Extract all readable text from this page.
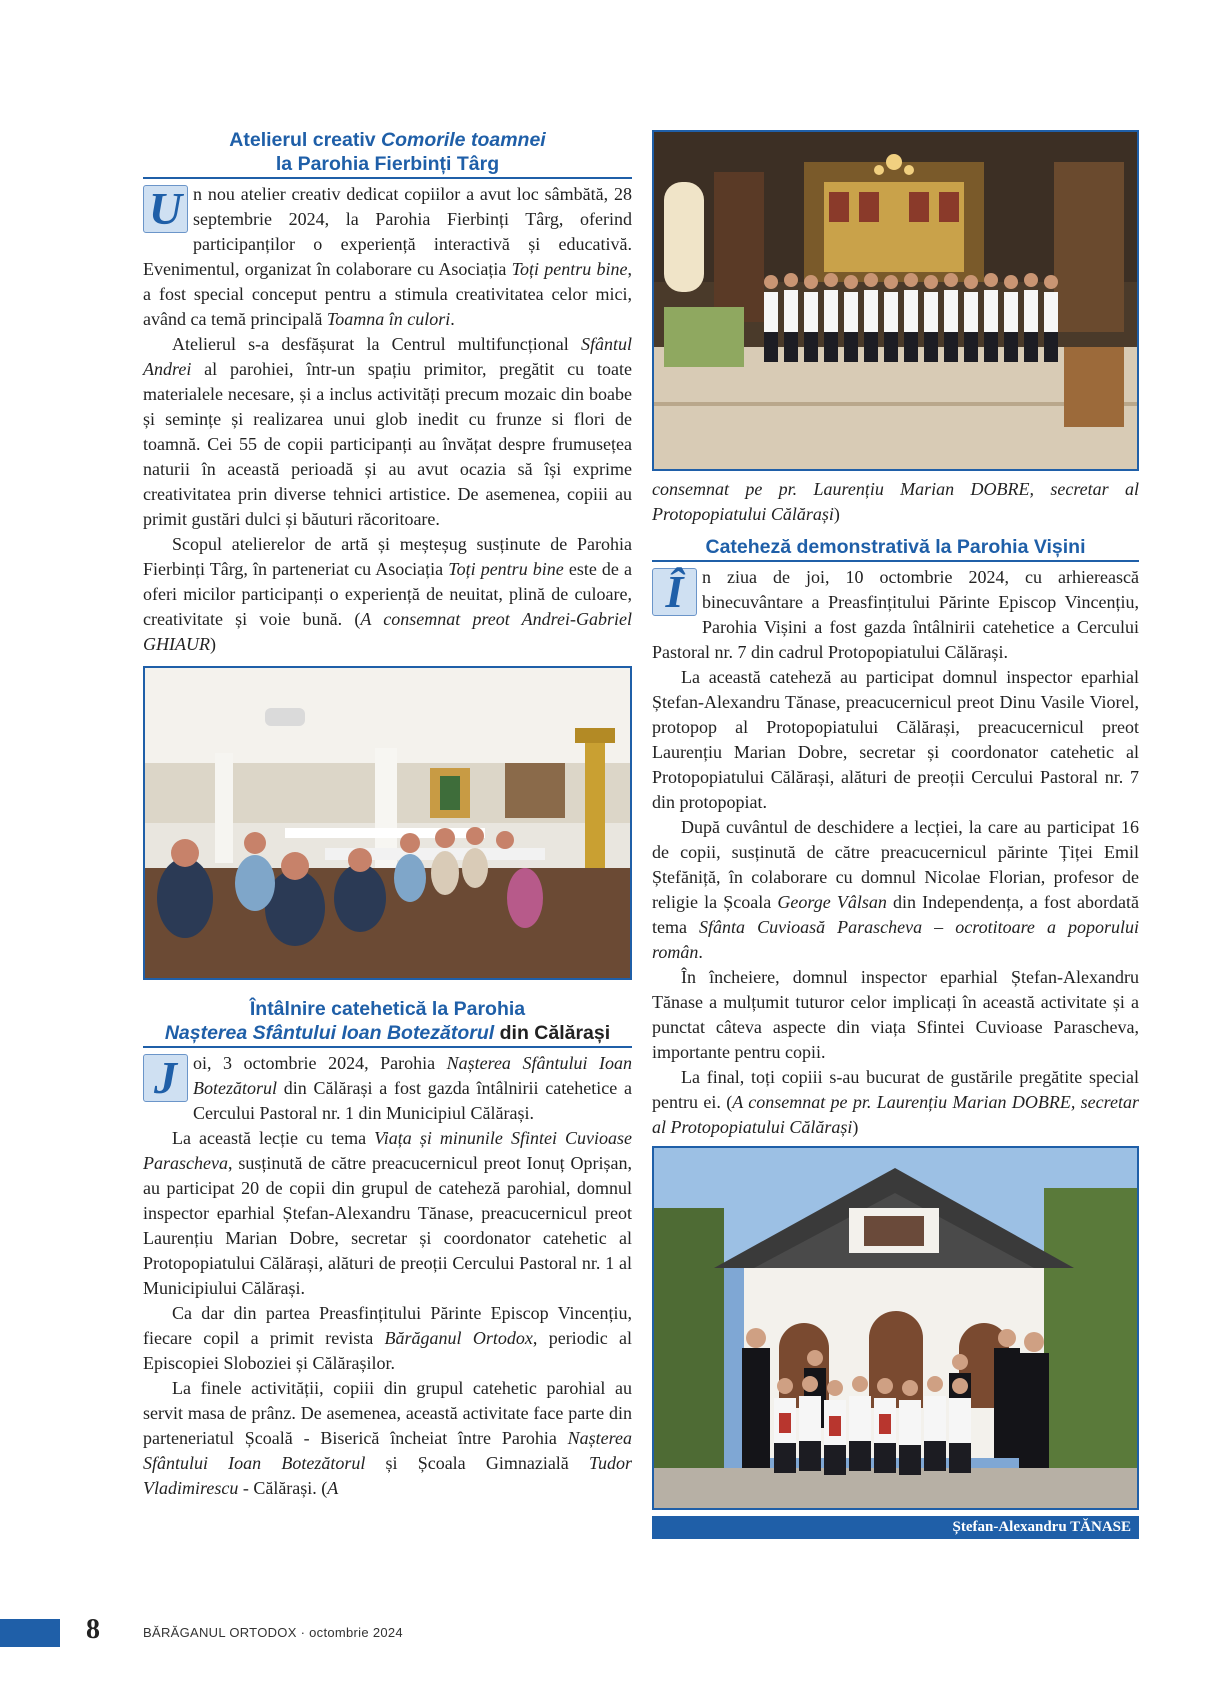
Atelierul creativ Comorile toamnei
la Parohia Fierbinți Târg

U n nou atelier creativ dedicat copiilor a avut loc sâmbătă, 28 septembrie 2024, la Parohia Fierbinți Târg, oferind participanților o experiență interactivă și educativă. Evenimentul, organizat în colaborare cu Asociația Toți pentru bine, a fost special conceput pentru a stimula creativitatea celor mici, având ca temă principală Toamna în culori.

Atelierul s-a desfășurat la Centrul multifuncțional Sfântul Andrei al parohiei, într-un spațiu primitor, pregătit cu toate materialele necesare, și a inclus activități precum mozaic din boabe și semințe și realizarea unui glob inedit cu frunze si flori de toamnă. Cei 55 de copii participanți au învățat despre frumusețea naturii în această perioadă și au avut ocazia să își exprime creativitatea prin diverse tehnici artistice. De asemenea, copiii au primit gustări dulci și băuturi răcoritoare.

Scopul atelierelor de artă și meșteșug susținute de Parohia Fierbinți Târg, în parteneriat cu Asociația Toți pentru bine este de a oferi micilor participanți o experiență de neuitat, plină de culoare, creativitate și voie bună. (A consemnat preot Andrei-Gabriel GHIAUR)

Întâlnire catehetică la Parohia
Nașterea Sfântului Ioan Botezătorul din Călărași

J oi, 3 octombrie 2024, Parohia Nașterea Sfântului Ioan Botezătorul din Călărași a fost gazda întâlnirii catehetice a Cercului Pastoral nr. 1 din Municipiul Călărași.

La această lecție cu tema Viața și minunile Sfintei Cuvioase Parascheva, susținută de către preacucernicul preot Ionuț Oprișan, au participat 20 de copii din grupul de cateheză parohial, domnul inspector eparhial Ștefan-Alexandru Tănase, preacucernicul preot Laurențiu Marian Dobre, secretar și coordonator catehetic al Protopopiatului Călărași, alături de preoții Cercului Pastoral nr. 1 al Municipiului Călărași.

Ca dar din partea Preasfințitului Părinte Episcop Vincențiu, fiecare copil a primit revista Bărăganul Ortodox, periodic al Episcopiei Sloboziei și Călărașilor.

La finele activității, copiii din grupul catehetic parohial au servit masa de prânz. De asemenea, această activitate face parte din parteneriatul Școală - Biserică încheiat între Parohia Nașterea Sfântului Ioan Botezătorul și Școala Gimnazială Tudor Vladimirescu - Călărași. (A

consemnat pe pr. Laurențiu Marian DOBRE, secretar al Protopopiatului Călărași)

Cateheză demonstrativă la Parohia Vișini

Î	n ziua de joi, 10 octombrie 2024, cu arhierească binecuvântare a Preasfințitului Părinte Episcop Vincențiu, Parohia Vișini a fost gazda întâlnirii catehetice a Cercului Pastoral nr. 7 din cadrul Protopopiatului Călărași.

La această cateheză au participat domnul inspector eparhial Ștefan-Alexandru Tănase, preacucernicul preot Dinu Vasile Viorel, protopop al Protopopiatului Călărași, preacucernicul preot Laurențiu Marian Dobre, secretar și coordonator catehetic al Protopopiatului Călărași, alături de preoții Cercului Pastoral nr. 7 din protopopiat.

După cuvântul de deschidere a lecției, la care au participat 16 de copii, susținută de către preacucernicul părinte Țiței Emil Ștefăniță, în colaborare cu domnul Nicolae Florian, profesor de religie la Școala George Vâlsan din Independența, a fost abordată tema Sfânta Cuvioasă Parascheva – ocrotitoare a poporului român.

În încheiere, domnul inspector eparhial Ștefan-Alexandru Tănase a mulțumit tuturor celor implicați în această activitate și a punctat câteva aspecte din viața Sfintei Cuvioase Parascheva, importante pentru copii.

La final, toți copiii s-au bucurat de gustările pregătite special pentru ei. (A consemnat pe pr. Laurențiu Marian DOBRE, secretar al Protopopiatului Călărași)

Ștefan-Alexandru TĂNASE
8	BĂRĂGANUL ORTODOX · octombrie 2024
